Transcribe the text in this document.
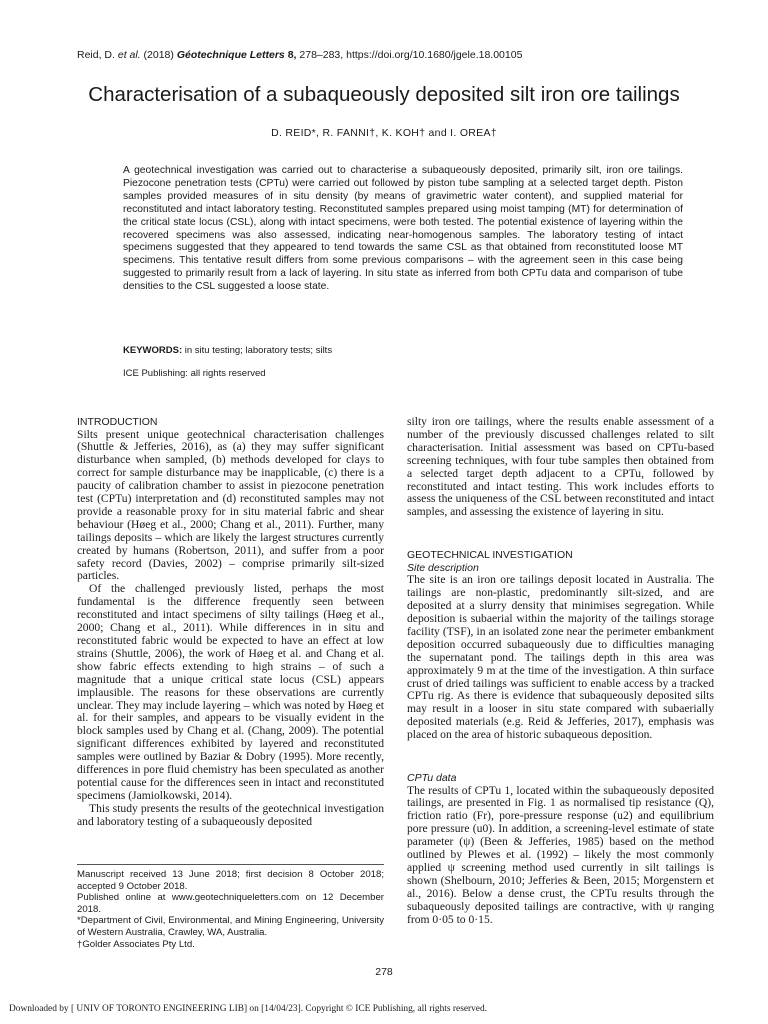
Reid, D. et al. (2018) Géotechnique Letters 8, 278–283, https://doi.org/10.1680/jgele.18.00105
Characterisation of a subaqueously deposited silt iron ore tailings
D. REID*, R. FANNI†, K. KOH† and I. OREA†

A geotechnical investigation was carried out to characterise a subaqueously deposited, primarily silt, iron ore tailings. Piezocone penetration tests (CPTu) were carried out followed by piston tube sampling at a selected target depth. Piston samples provided measures of in situ density (by means of gravimetric water content), and supplied material for reconstituted and intact laboratory testing. Reconstituted samples prepared using moist tamping (MT) for determination of the critical state locus (CSL), along with intact specimens, were both tested. The potential existence of layering within the recovered specimens was also assessed, indicating near-homogenous samples. The laboratory testing of intact specimens suggested that they appeared to tend towards the same CSL as that obtained from reconstituted loose MT specimens. This tentative result differs from some previous comparisons – with the agreement seen in this case being suggested to primarily result from a lack of layering. In situ state as inferred from both CPTu data and comparison of tube densities to the CSL suggested a loose state.

KEYWORDS: in situ testing; laboratory tests; silts
ICE Publishing: all rights reserved
INTRODUCTION

Silts present unique geotechnical characterisation challenges (Shuttle & Jefferies, 2016), as (a) they may suffer significant disturbance when sampled, (b) methods developed for clays to correct for sample disturbance may be inapplicable, (c) there is a paucity of calibration chamber to assist in piezocone penetration test (CPTu) interpretation and (d) reconstituted samples may not provide a reasonable proxy for in situ material fabric and shear behaviour (Høeg et al., 2000; Chang et al., 2011). Further, many tailings deposits – which are likely the largest structures currently created by humans (Robertson, 2011), and suffer from a poor safety record (Davies, 2002) – comprise primarily silt-sized particles.

Of the challenged previously listed, perhaps the most fundamental is the difference frequently seen between reconstituted and intact specimens of silty tailings (Høeg et al., 2000; Chang et al., 2011). While differences in in situ and reconstituted fabric would be expected to have an effect at low strains (Shuttle, 2006), the work of Høeg et al. and Chang et al. show fabric effects extending to high strains – of such a magnitude that a unique critical state locus (CSL) appears implausible. The reasons for these observations are currently unclear. They may include layering – which was noted by Høeg et al. for their samples, and appears to be visually evident in the block samples used by Chang et al. (Chang, 2009). The potential significant differences exhibited by layered and reconstituted samples were outlined by Baziar & Dobry (1995). More recently, differences in pore fluid chemistry has been speculated as another potential cause for the differences seen in intact and reconstituted specimens (Jamiolkowski, 2014).

This study presents the results of the geotechnical investigation and laboratory testing of a subaqueously deposited

silty iron ore tailings, where the results enable assessment of a number of the previously discussed challenges related to silt characterisation. Initial assessment was based on CPTu-based screening techniques, with four tube samples then obtained from a selected target depth adjacent to a CPTu, followed by reconstituted and intact testing. This work includes efforts to assess the uniqueness of the CSL between reconstituted and intact samples, and assessing the existence of layering in situ.

GEOTECHNICAL INVESTIGATION
Site description

The site is an iron ore tailings deposit located in Australia. The tailings are non-plastic, predominantly silt-sized, and are deposited at a slurry density that minimises segregation. While deposition is subaerial within the majority of the tailings storage facility (TSF), in an isolated zone near the perimeter embankment deposition occurred subaqueously due to difficulties managing the supernatant pond. The tailings depth in this area was approximately 9 m at the time of the investigation. A thin surface crust of dried tailings was sufficient to enable access by a tracked CPTu rig. As there is evidence that subaqueously deposited silts may result in a looser in situ state compared with subaerially deposited materials (e.g. Reid & Jefferies, 2017), emphasis was placed on the area of historic subaqueous deposition.

CPTu data

The results of CPTu 1, located within the subaqueously deposited tailings, are presented in Fig. 1 as normalised tip resistance (Q), friction ratio (Fr), pore-pressure response (u2) and equilibrium pore pressure (u0). In addition, a screening-level estimate of state parameter (ψ) (Been & Jefferies, 1985) based on the method outlined by Plewes et al. (1992) – likely the most commonly applied ψ screening method used currently in silt tailings is shown (Shelbourn, 2010; Jefferies & Been, 2015; Morgenstern et al., 2016). Below a dense crust, the CPTu results through the subaqueously deposited tailings are contractive, with ψ ranging from 0·05 to 0·15.

Manuscript received 13 June 2018; first decision 8 October 2018; accepted 9 October 2018.

Published online at www.geotechniqueletters.com on 12 December 2018.

*Department of Civil, Environmental, and Mining Engineering, University of Western Australia, Crawley, WA, Australia.

†Golder Associates Pty Ltd.

278
Downloaded by [ UNIV OF TORONTO ENGINEERING LIB] on [14/04/23]. Copyright © ICE Publishing, all rights reserved.
